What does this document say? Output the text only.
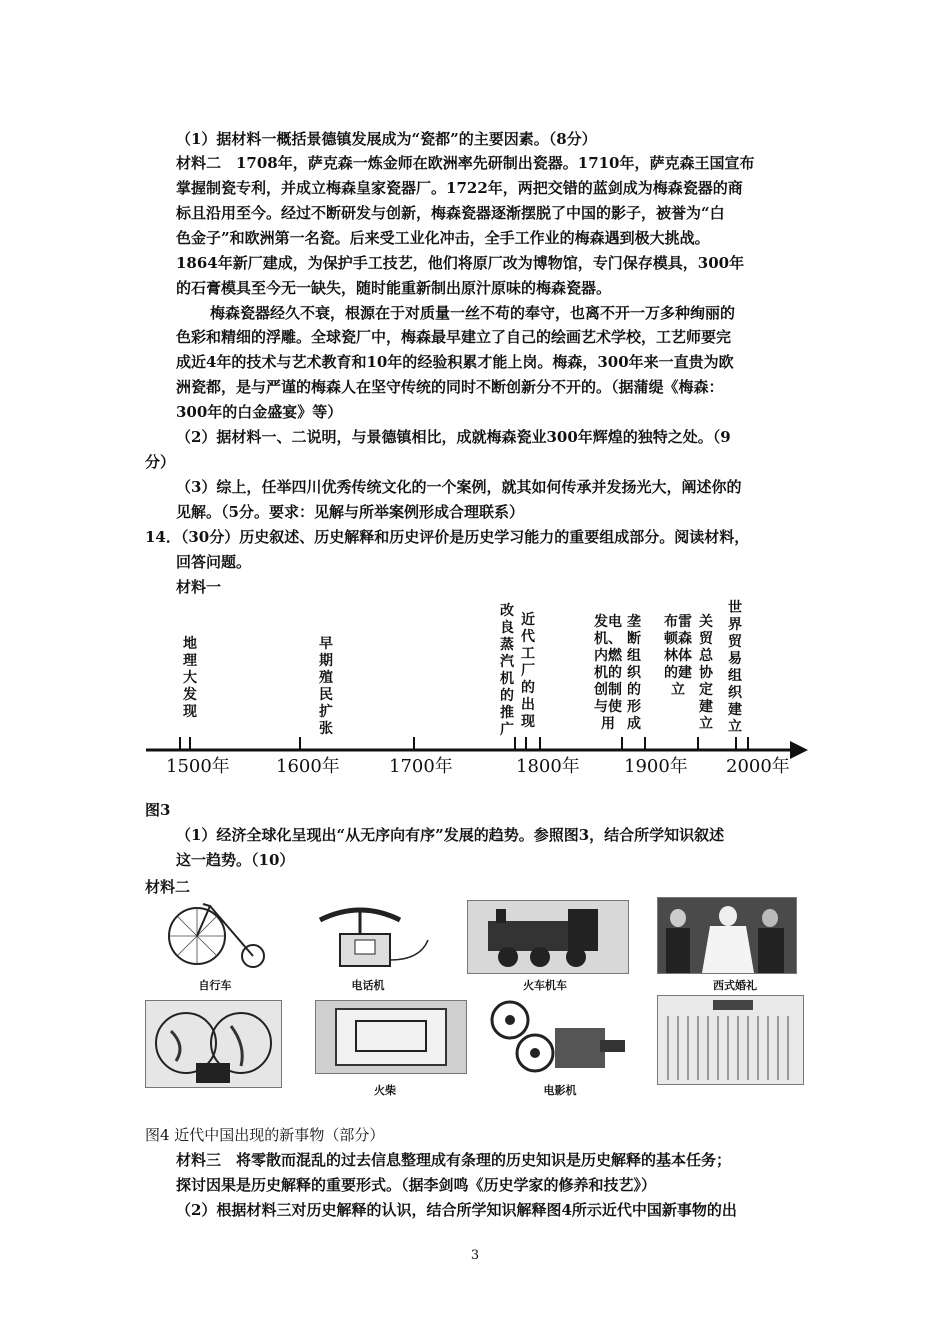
（1）据材料一概括景德镇发展成为“瓷都”的主要因素。（8分）
材料二　1708年，萨克森一炼金师在欧洲率先研制出瓷器。1710年，萨克森王国宣布
掌握制瓷专利，并成立梅森皇家瓷器厂。1722年，两把交错的蓝剑成为梅森瓷器的商
标且沿用至今。经过不断研发与创新，梅森瓷器逐渐摆脱了中国的影子，被誉为“白
色金子”和欧洲第一名瓷。后来受工业化冲击，全手工作业的梅森遇到极大挑战。
1864年新厂建成，为保护手工技艺，他们将原厂改为博物馆，专门保存模具，300年
的石膏模具至今无一缺失，随时能重新制出原汁原味的梅森瓷器。
梅森瓷器经久不衰，根源在于对质量一丝不苟的奉守，也离不开一万多种绚丽的
色彩和精细的浮雕。全球瓷厂中，梅森最早建立了自己的绘画艺术学校，工艺师要完
成近4年的技术与艺术教育和10年的经验积累才能上岗。梅森，300年来一直贵为欧
洲瓷都，是与严谨的梅森人在坚守传统的同时不断创新分不开的。（据蒲缇《梅森：
300年的白金盛宴》等）
（2）据材料一、二说明，与景德镇相比，成就梅森瓷业300年辉煌的独特之处。（9
分）
（3）综上，任举四川优秀传统文化的一个案例，就其如何传承并发扬光大，阐述你的
见解。（5分。要求：见解与所举案例形成合理联系）
14．（30分）历史叙述、历史解释和历史评价是历史学习能力的重要组成部分。阅读材料，
回答问题。
材料一
地理大发现
早期殖民扩张
改良蒸汽机的推广
近代工厂的出现
发电机、内燃机的创制与使用
垄断组织的形成
关贸总协定建立
布雷顿森林体的建立
世界贸易组织建立
1500年	1600年	1700年	1800年 1900年 2000年
图3
（1）经济全球化呈现出“从无序向有序”发展的趋势。参照图3，结合所学知识叙述
这一趋势。（10）
材料二
自行车	电话机	火车机车	西式婚礼
火柴	电影机
图4 近代中国出现的新事物（部分）
材料三　将零散而混乱的过去信息整理成有条理的历史知识是历史解释的基本任务；
探讨因果是历史解释的重要形式。（据李剑鸣《历史学家的修养和技艺》）
（2）根据材料三对历史解释的认识，结合所学知识解释图4所示近代中国新事物的出
3
